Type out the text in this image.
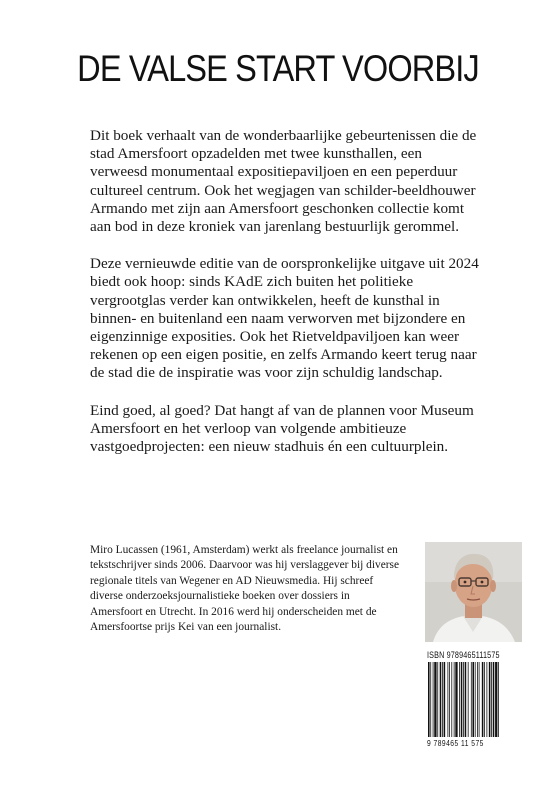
DE VALSE START VOORBIJ

Dit boek verhaalt van de wonderbaarlijke gebeurtenissen die de stad Amersfoort opzadelden met twee kunsthallen, een verweesd monumentaal expositiepaviljoen en een peperduur cultureel centrum. Ook het wegjagen van schilder-beeldhouwer Armando met zijn aan Amersfoort geschonken collectie komt aan bod in deze kroniek van jarenlang bestuurlijk gerommel.

Deze vernieuwde editie van de oorspronkelijke uitgave uit 2024 biedt ook hoop: sinds KAdE zich buiten het politieke vergrootglas verder kan ontwikkelen, heeft de kunsthal in binnen- en buitenland een naam verworven met bijzondere en eigenzinnige exposities. Ook het Rietveldpaviljoen kan weer rekenen op een eigen positie, en zelfs Armando keert terug naar de stad die de inspiratie was voor zijn schuldig landschap.

Eind goed, al goed? Dat hangt af van de plannen voor Museum Amersfoort en het verloop van volgende ambitieuze vastgoedprojecten: een nieuw stadhuis én een cultuurplein.

Miro Lucassen (1961, Amsterdam) werkt als freelance journalist en tekstschrijver sinds 2006. Daarvoor was hij verslaggever bij diverse regionale titels van Wegener en AD Nieuwsmedia. Hij schreef diverse onderzoeksjournalistieke boeken over dossiers in Amersfoort en Utrecht. In 2016 werd hij onderscheiden met de Amersfoortse prijs Kei van een journalist.

ISBN 9789465111575
9 789465 11 575
